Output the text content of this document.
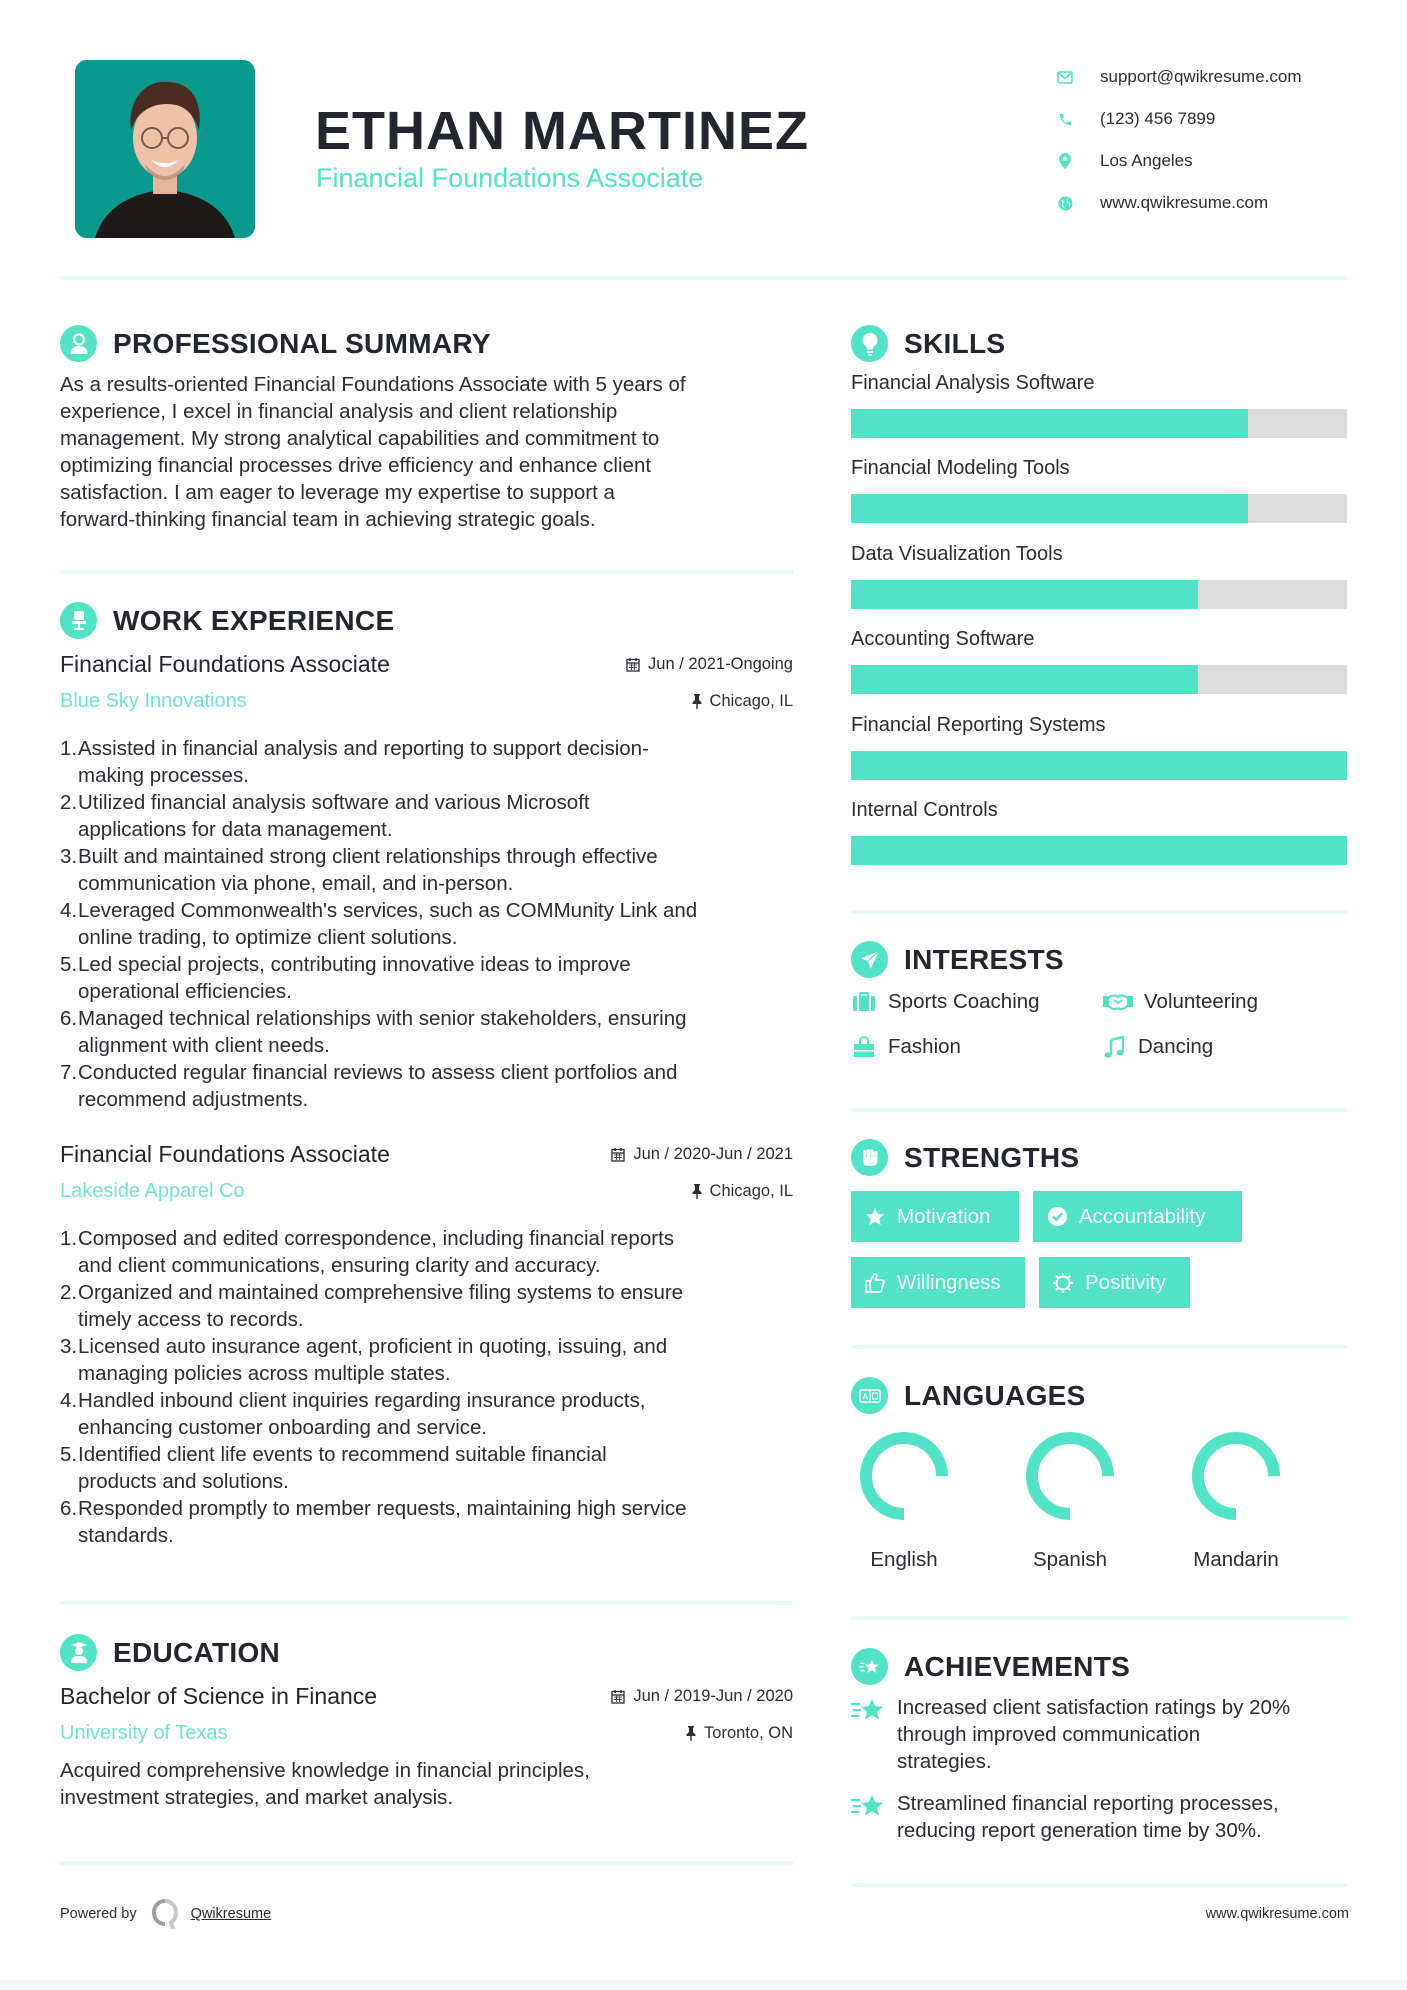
ETHAN MARTINEZ
Financial Foundations Associate
support@qwikresume.com
(123) 456 7899
Los Angeles
www.qwikresume.com
PROFESSIONAL SUMMARY
As a results-oriented Financial Foundations Associate with 5 years of
experience, I excel in financial analysis and client relationship
management. My strong analytical capabilities and commitment to
optimizing financial processes drive efficiency and enhance client
satisfaction. I am eager to leverage my expertise to support a
forward-thinking financial team in achieving strategic goals.
WORK EXPERIENCE
Financial Foundations Associate	Jun / 2021-Ongoing
Blue Sky Innovations	Chicago, IL
1. Assisted in financial analysis and reporting to support decision-
making processes.
2. Utilized financial analysis software and various Microsoft
applications for data management.
3. Built and maintained strong client relationships through effective
communication via phone, email, and in-person.
4. Leveraged Commonwealth's services, such as COMMunity Link and
online trading, to optimize client solutions.
5. Led special projects, contributing innovative ideas to improve
operational efficiencies.
6. Managed technical relationships with senior stakeholders, ensuring
alignment with client needs.
7. Conducted regular financial reviews to assess client portfolios and
recommend adjustments.
Financial Foundations Associate	Jun / 2020-Jun / 2021
Lakeside Apparel Co	Chicago, IL
1. Composed and edited correspondence, including financial reports
and client communications, ensuring clarity and accuracy.
2. Organized and maintained comprehensive filing systems to ensure
timely access to records.
3. Licensed auto insurance agent, proficient in quoting, issuing, and
managing policies across multiple states.
4. Handled inbound client inquiries regarding insurance products,
enhancing customer onboarding and service.
5. Identified client life events to recommend suitable financial
products and solutions.
6. Responded promptly to member requests, maintaining high service
standards.
EDUCATION
Bachelor of Science in Finance	Jun / 2019-Jun / 2020
University of Texas	Toronto, ON
Acquired comprehensive knowledge in financial principles,
investment strategies, and market analysis.
SKILLS
Financial Analysis Software
Financial Modeling Tools
Data Visualization Tools
Accounting Software
Financial Reporting Systems
Internal Controls
INTERESTS
Sports Coaching	Volunteering
Fashion	Dancing
STRENGTHS
Motivation	Accountability
Willingness	Positivity
A LANGUAGES
English	Spanish	Mandarin
ACHIEVEMENTS
Increased client satisfaction ratings by 20%
through improved communication
strategies.
Streamlined financial reporting processes,
reducing report generation time by 30%.
Powered by	Qwikresume	www.qwikresume.com
